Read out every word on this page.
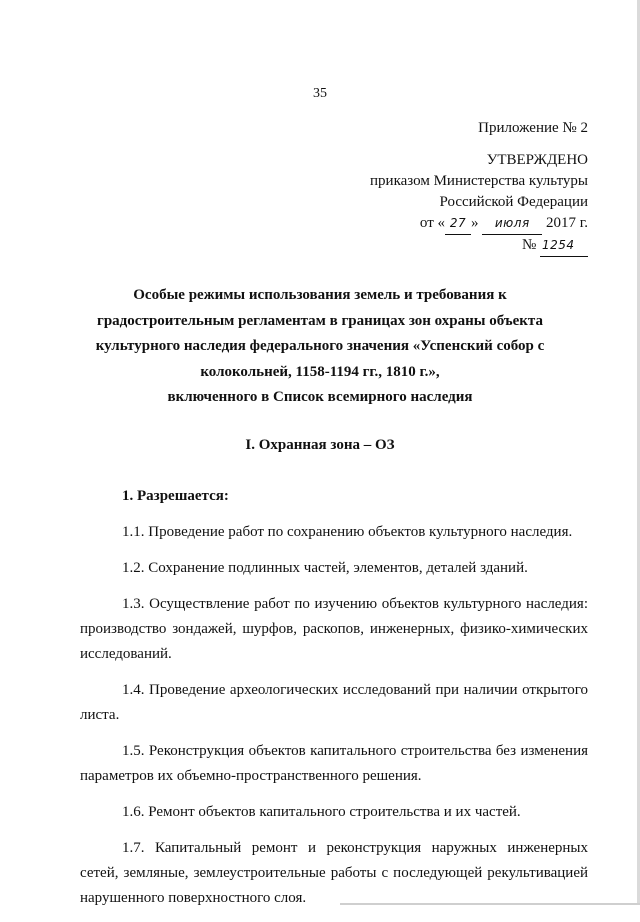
35
Приложение № 2
УТВЕРЖДЕНО
приказом Министерства культуры
Российской Федерации
от « 27 » июля 2017 г.
№ 1254
Особые режимы использования земель и требования к
градостроительным регламентам в границах зон охраны объекта
культурного наследия федерального значения «Успенский собор с
колокольней, 1158-1194 гг., 1810 г.»,
включенного в Список всемирного наследия
I. Охранная зона – ОЗ

1. Разрешается:

1.1. Проведение работ по сохранению объектов культурного наследия.

1.2. Сохранение подлинных частей, элементов, деталей зданий.

1.3. Осуществление работ по изучению объектов культурного наследия: производство зондажей, шурфов, раскопов, инженерных, физико-химических исследований.

1.4. Проведение археологических исследований при наличии открытого листа.

1.5. Реконструкция объектов капитального строительства без изменения параметров их объемно-пространственного решения.

1.6. Ремонт объектов капитального строительства и их частей.

1.7. Капитальный ремонт и реконструкция наружных инженерных сетей, земляные, землеустроительные работы с последующей рекультивацией нарушенного поверхностного слоя.
